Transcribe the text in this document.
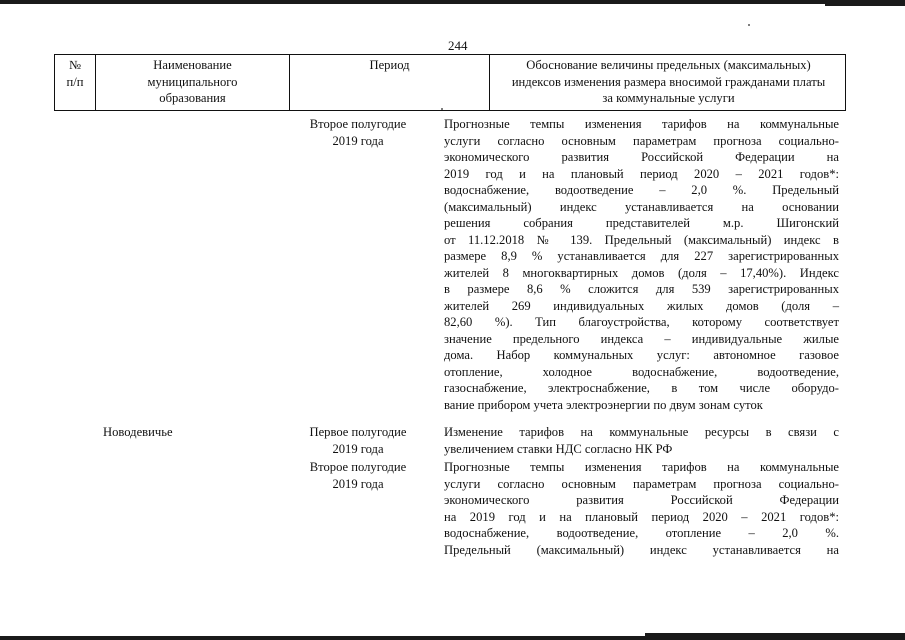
244
№
п/п
Наименование
муниципального
образования
Период	Обоснование величины предельных (максимальных)
индексов изменения размера вносимой гражданами платы
за коммунальные услуги
Второе полугодие
2019 года
Прогнозные темпы изменения тарифов на коммунальные
услуги согласно основным параметрам прогноза социально-
экономического развития Российской Федерации на
2019 год и на плановый период 2020 – 2021 годов*:
водоснабжение, водоотведение – 2,0 %. Предельный
(максимальный) индекс устанавливается на основании
решения собрания представителей м.р. Шигонский
от 11.12.2018 № 139. Предельный (максимальный) индекс в
размере 8,9 % устанавливается для 227 зарегистрированных
жителей 8 многоквартирных домов (доля – 17,40%). Индекс
в размере 8,6 % сложится для 539 зарегистрированных
жителей 269 индивидуальных жилых домов (доля –
82,60 %). Тип благоустройства, которому соответствует
значение предельного индекса – индивидуальные жилые
дома. Набор коммунальных услуг: автономное газовое
отопление, холодное водоснабжение, водоотведение,
газоснабжение, электроснабжение, в том числе оборудо-
вание прибором учета электроэнергии по двум зонам суток
Новодевичье	Первое полугодие
2019 года
Изменение тарифов на коммунальные ресурсы в связи с
увеличением ставки НДС согласно НК РФ
Второе полугодие
2019 года
Прогнозные темпы изменения тарифов на коммунальные
услуги согласно основным параметрам прогноза социально-
экономического развития Российской Федерации
на 2019 год и на плановый период 2020 – 2021 годов*:
водоснабжение, водоотведение, отопление – 2,0 %.
Предельный (максимальный) индекс устанавливается на
